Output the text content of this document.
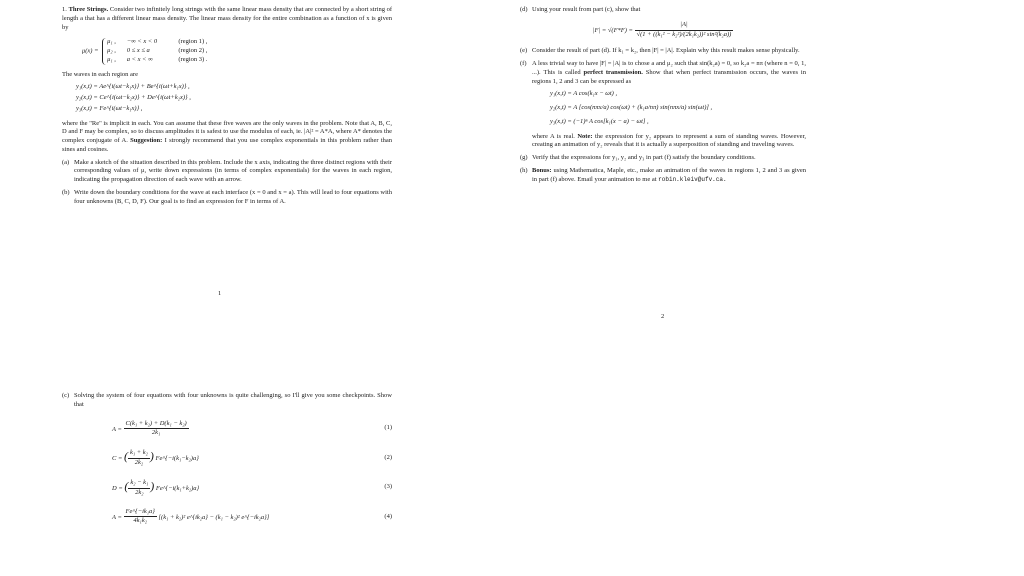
1. Three Strings. Consider two infinitely long strings with the same linear mass density that are connected by a short string of length a that has a different linear mass density. The linear mass density for the entire combination as a function of x is given by

μ(x) =
μ₁ , −∞ < x < 0	(region 1) ,
μ₂ , 0 ≤ x ≤ a	(region 2) ,
μ₁ , a < x < ∞	(region 3) .

The waves in each region are

y₁(x,t) = Ae^{i(ωt−k₁x)} + Be^{i(ωt+k₁x)} ,
y₂(x,t) = Ce^{i(ωt−k₂x)} + De^{i(ωt+k₂x)} ,
y₃(x,t) = Fe^{i(ωt−k₁x)} ,

where the "Re" is implicit in each. You can assume that these five waves are the only waves in the problem. Note that A, B, C, D and F may be complex, so to discuss amplitudes it is safest to use the modulus of each, ie. |A|² = A*A, where A* denotes the complex conjugate of A. Suggestion: I strongly recommend that you use complex exponentials in this problem rather than sines and cosines.

(a) Make a sketch of the situation described in this problem. Include the x axis, indicating the three distinct regions with their corresponding values of μ, write down expressions (in terms of complex exponentials) for the waves in each region, indicating the propagation direction of each wave with an arrow.
(b) Write down the boundary conditions for the wave at each interface (x = 0 and x = a). This will lead to four equations with four unknowns (B, C, D, F). Our goal is to find an expression for F in terms of A.
1
(c) Solving the system of four equations with four unknowns is quite challenging, so I'll give you some checkpoints. Show that
$A = \frac{\text{C(k₁ + k₂) + D(k₁ − k₂)}}{\text{2k₁}}$	(1)
C = ( $\frac{\text{k₁ + k₂}}{\text{2k₂}}$ ) Fe^{−i(k₁−k₂)a}	(2)
D = ( $\frac{\text{k₂ − k₁}}{\text{2k₂}}$ ) Fe^{−i(k₁+k₂)a}	(3)
$A = \frac{\text{Fe\textasciicircum{}\{−ik₁a\}}}{\text{4k₁k₂}} [(k_1 + k_2)^2$ e^{ik₂a} − (k₁ − k₂)² e^{−ik₂a}]	(4)
(d) Using your result from part (c), show that
$|F| = √(F*F) = \frac{|A|}{\text{√(1 + ((k₁² − k₂²)/(2k₁k₂))² sin²(k₂a))}}$
(e) Consider the result of part (d). If k₁ = k₂, then |F| = |A|. Explain why this result makes sense physically.
(f) A less trivial way to have |F| = |A| is to chose a and μ₂ such that sin(k₂a) = 0, so k₂a = nπ (where n = 0, 1, ...). This is called perfect transmission. Show that when perfect transmission occurs, the waves in regions 1, 2 and 3 can be expressed as
y₁(x,t) = A cos(k₁x − ωt) ,
y₂(x,t) = A [cos(nπx/a) cos(ωt) + (k₁a/nπ) sin(nπx/a) sin(ωt)] ,
y₃(x,t) = (−1)ⁿ A cos[k₁(x − a) − ωt] ,

where A is real. Note: the expression for y₂ appears to represent a sum of standing waves. However, creating an animation of y₂ reveals that it is actually a superposition of standing and traveling waves.

(g) Verify that the expressions for y₁, y₂ and y₃ in part (f) satisfy the boundary conditions.
(h) Bonus: using Mathematica, Maple, etc., make an animation of the waves in regions 1, 2 and 3 as given in part (f) above. Email your animation to me at robin.kleiv@ufv.ca.
2
